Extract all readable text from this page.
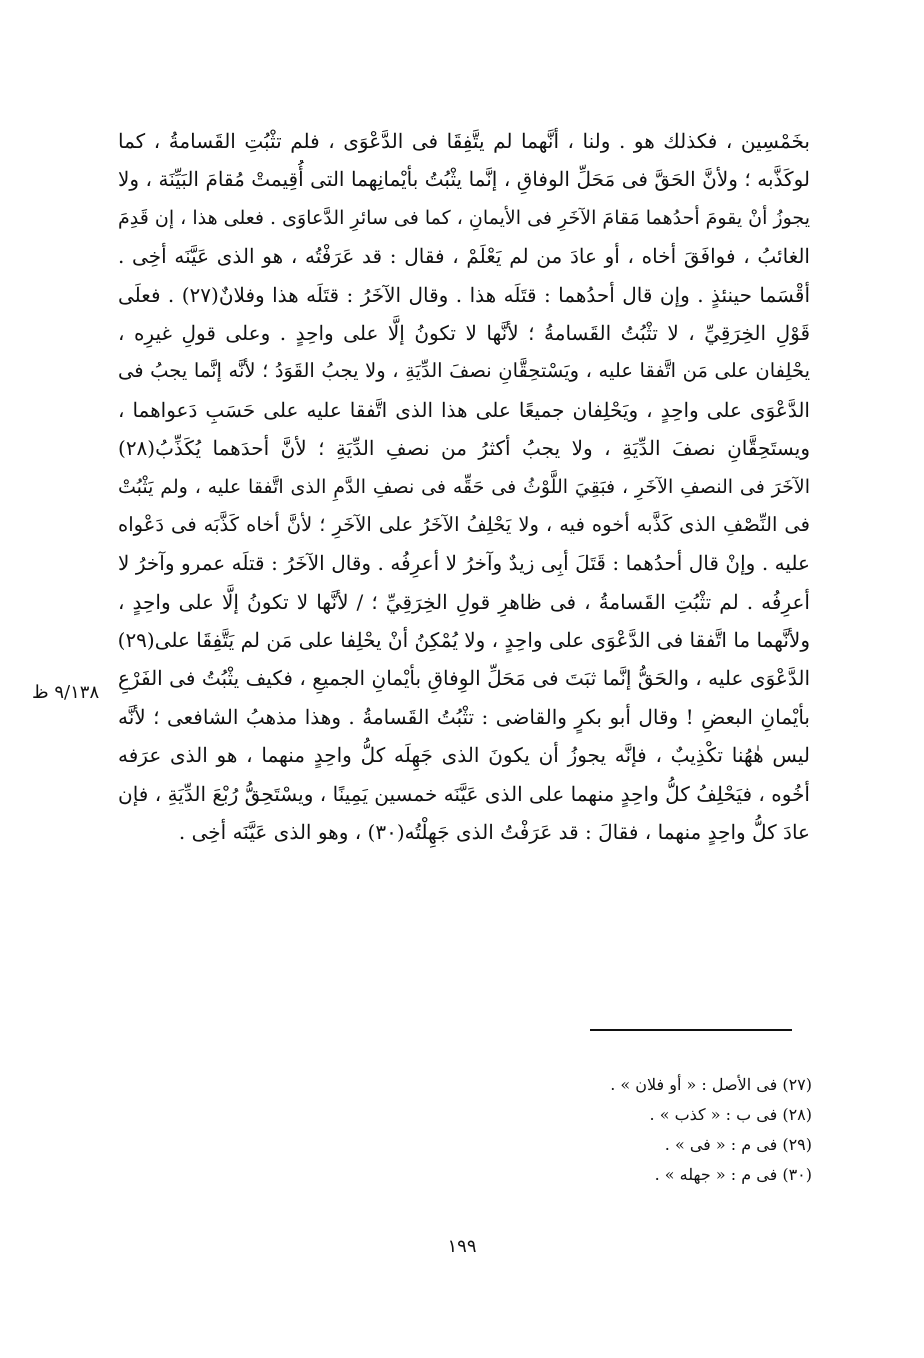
٩/١٣٨ ظ
بخَمْسِين ، فكذلك هو . ولنا ، أنَّهما لم يتَّفِقَا فى الدَّعْوَى ، فلم تثْبُتِ القَسامةُ ، كما
لوكَذَّبه ؛ ولأنَّ الحَقَّ فى مَحَلِّ الوفاقِ ، إنَّما يثْبُتُ بأيْمانِهما التى أُقِيمتْ مُقامَ البَيِّنَة ، ولا
يجوزُ أنْ يقومَ أحدُهما مَقامَ الآخَرِ فى الأيمانِ ، كما فى سائرِ الدَّعاوَى . فعلى هذا ، إن قَدِمَ
الغائبُ ، فوافَقَ أخاه ، أو عادَ من لم يَعْلَمْ ، فقال : قد عَرَفْتُه ، هو الذى عَيَّنَه أخِى .
أقْسَما حينئذٍ . وإن قال أحدُهما : قتَلَه هذا . وقال الآخَرُ : قتَلَه هذا وفلانٌ(٢٧) . فعلَى
قَوْلِ الخِرَقِيِّ ، لا تثْبُتُ القَسامةُ ؛ لأنَّها لا تكونُ إلَّا على واحِدٍ . وعلى قولِ غيرِه ،
يحْلِفان على مَن اتَّفقا عليه ، ويَسْتحِقَّانِ نصفَ الدِّيَةِ ، ولا يجبُ القَوَدُ ؛ لأنَّه إنَّما يجبُ فى
الدَّعْوَى على واحِدٍ ، ويَحْلِفان جميعًا على هذا الذى اتَّفقا عليه على حَسَبِ دَعواهما ،
ويستَحِقَّانِ نصفَ الدِّيَةِ ، ولا يجبُ أكثرُ من نصفِ الدِّيَةِ ؛ لأنَّ أحدَهما يُكَذِّبُ(٢٨)
الآخَرَ فى النصفِ الآخَرِ ، فبَقِيَ اللَّوْثُ فى حَقِّه فى نصفِ الدَّمِ الذى اتَّفقا عليه ، ولم يَثْبُتْ
فى النِّصْفِ الذى كَذَّبه أخوه فيه ، ولا يَحْلِفُ الآخَرُ على الآخَرِ ؛ لأنَّ أخاه كَذَّبَه فى دَعْواه
عليه . وإنْ قال أحدُهما : قَتَلَ أبِى زيدٌ وآخرُ لا أعرِفُه . وقال الآخَرُ : قتلَه عمرو وآخرُ لا
أعرِفُه . لم تثْبُتِ القَسامةُ ، فى ظاهرِ قولِ الخِرَقِيِّ ؛ / لأنَّها لا تكونُ إلَّا على واحِدٍ ،
ولأنَّهما ما اتَّفقا فى الدَّعْوَى على واحِدٍ ، ولا يُمْكِنُ أنْ يحْلِفا على مَن لم يَتَّفِقَا على(٢٩)
الدَّعْوَى عليه ، والحَقُّ إنَّما ثبَتَ فى مَحَلِّ الوِفاقِ بأيْمانِ الجميعِ ، فكيف يثْبُتُ فى الفَرْعِ
بأيْمانِ البعضِ ! وقال أبو بكرٍ والقاضى : تثْبُتُ القَسامةُ . وهذا مذهبُ الشافعى ؛ لأنَّه
ليس هٰهُنا تكْذِيبٌ ، فإنَّه يجوزُ أن يكونَ الذى جَهِلَه كلُّ واحِدٍ منهما ، هو الذى عرَفه
أخُوه ، فيَحْلِفُ كلُّ واحِدٍ منهما على الذى عَيَّنَه خمسين يَمِينًا ، ويسْتَحِقُّ رُبْعَ الدِّيَةِ ، فإن
عادَ كلُّ واحِدٍ منهما ، فقالَ : قد عَرَفْتُ الذى جَهِلْتُه(٣٠) ، وهو الذى عَيَّنَه أخِى .
(٢٧) فى الأصل : « أو فلان » .
(٢٨) فى ب : « كذب » .
(٢٩) فى م : « فى » .
(٣٠) فى م : « جهله » .
١٩٩
